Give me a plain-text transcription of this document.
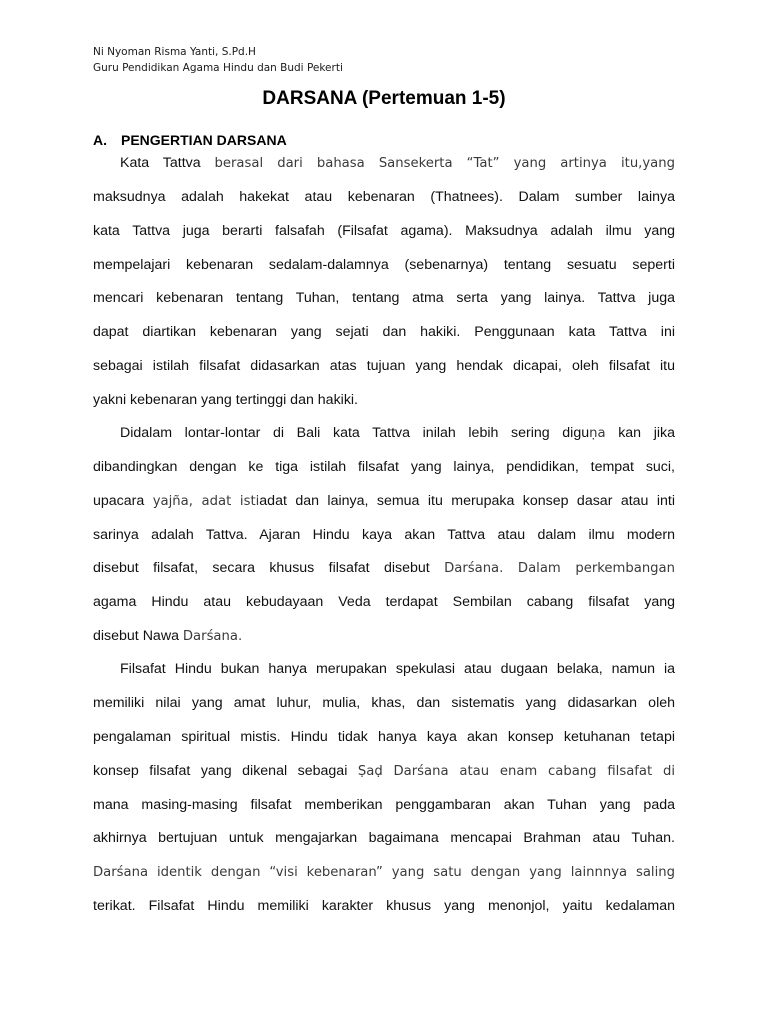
Ni Nyoman Risma Yanti, S.Pd.H
Guru Pendidikan Agama Hindu dan Budi Pekerti
DARSANA (Pertemuan 1-5)
A. PENGERTIAN DARSANA
Kata Tattva berasal dari bahasa Sansekerta “Tat” yang artinya itu,yang
maksudnya adalah hakekat atau kebenaran (Thatnees). Dalam sumber lainya
kata Tattva juga berarti falsafah (Filsafat agama). Maksudnya adalah ilmu yang
mempelajari kebenaran sedalam-dalamnya (sebenarnya) tentang sesuatu seperti
mencari kebenaran tentang Tuhan, tentang atma serta yang lainya. Tattva juga
dapat diartikan kebenaran yang sejati dan hakiki. Penggunaan kata Tattva ini
sebagai istilah filsafat didasarkan atas tujuan yang hendak dicapai, oleh filsafat itu
yakni kebenaran yang tertinggi dan hakiki.
Didalam lontar-lontar di Bali kata Tattva inilah lebih sering diguṇa kan jika
dibandingkan dengan ke tiga istilah filsafat yang lainya, pendidikan, tempat suci,
upacara yajña, adat istiadat dan lainya, semua itu merupaka konsep dasar atau inti
sarinya adalah Tattva. Ajaran Hindu kaya akan Tattva atau dalam ilmu modern
disebut filsafat, secara khusus filsafat disebut Darśana. Dalam perkembangan
agama Hindu atau kebudayaan Veda terdapat Sembilan cabang filsafat yang
disebut Nawa Darśana.
Filsafat Hindu bukan hanya merupakan spekulasi atau dugaan belaka, namun ia
memiliki nilai yang amat luhur, mulia, khas, dan sistematis yang didasarkan oleh
pengalaman spiritual mistis. Hindu tidak hanya kaya akan konsep ketuhanan tetapi
konsep filsafat yang dikenal sebagai Ṣaḍ Darśana atau enam cabang filsafat di
mana masing-masing filsafat memberikan penggambaran akan Tuhan yang pada
akhirnya bertujuan untuk mengajarkan bagaimana mencapai Brahman atau Tuhan.
Darśana identik dengan “visi kebenaran” yang satu dengan yang lainnnya saling
terikat. Filsafat Hindu memiliki karakter khusus yang menonjol, yaitu kedalaman
